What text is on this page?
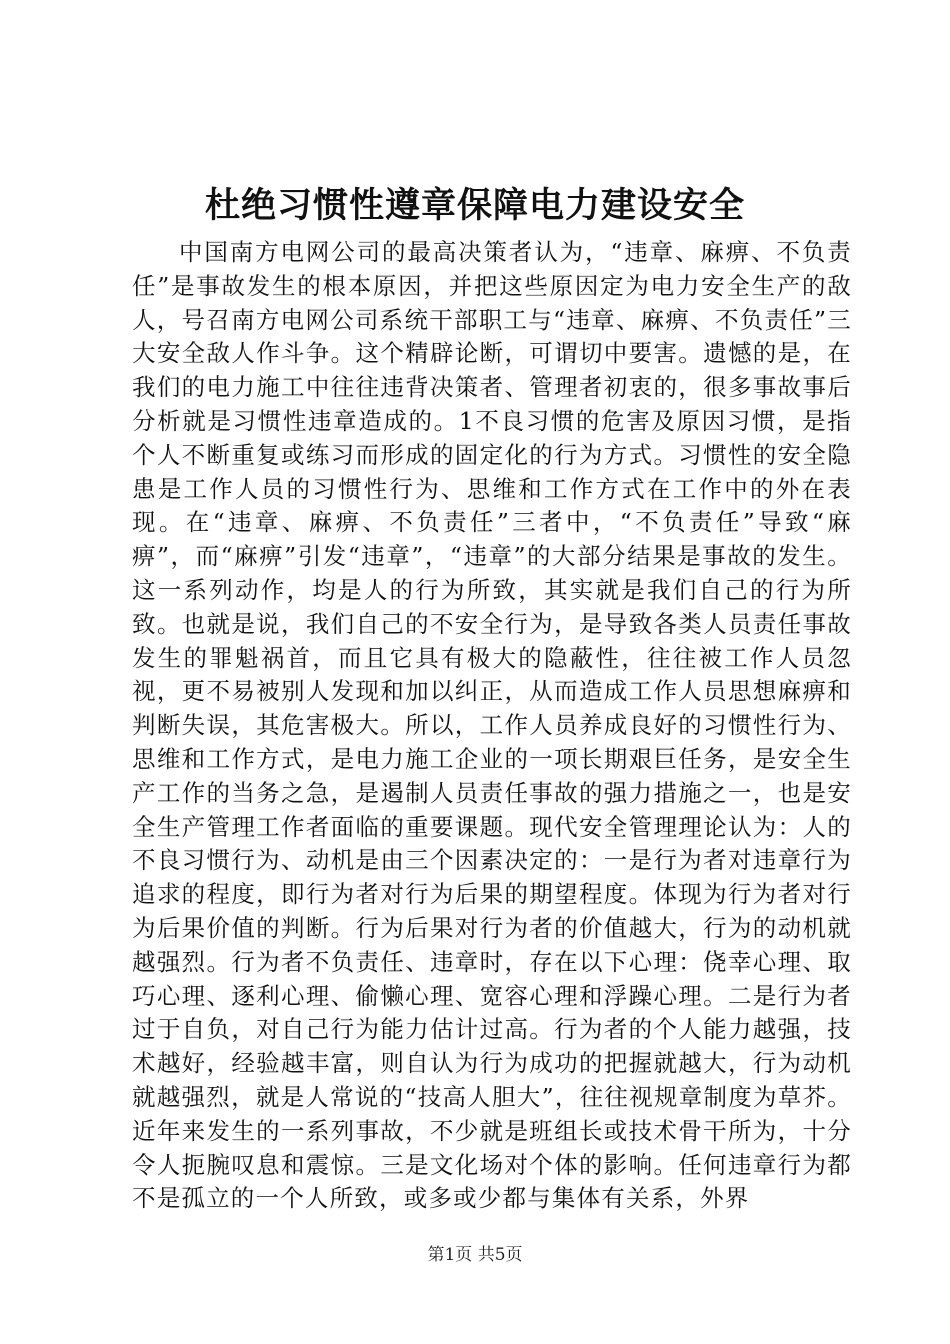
杜绝习惯性遵章保障电力建设安全

中国南方电网公司的最高决策者认为，“违章、麻痹、不负责任”是事故发生的根本原因，并把这些原因定为电力安全生产的敌人，号召南方电网公司系统干部职工与“违章、麻痹、不负责任”三大安全敌人作斗争。这个精辟论断，可谓切中要害。遗憾的是，在我们的电力施工中往往违背决策者、管理者初衷的，很多事故事后分析就是习惯性违章造成的。1不良习惯的危害及原因习惯，是指个人不断重复或练习而形成的固定化的行为方式。习惯性的安全隐患是工作人员的习惯性行为、思维和工作方式在工作中的外在表现。在“违章、麻痹、不负责任”三者中，“不负责任”导致“麻痹”，而“麻痹”引发“违章”，“违章”的大部分结果是事故的发生。这一系列动作，均是人的行为所致，其实就是我们自己的行为所致。也就是说，我们自己的不安全行为，是导致各类人员责任事故发生的罪魁祸首，而且它具有极大的隐蔽性，往往被工作人员忽视，更不易被别人发现和加以纠正，从而造成工作人员思想麻痹和判断失误，其危害极大。所以，工作人员养成良好的习惯性行为、思维和工作方式，是电力施工企业的一项长期艰巨任务，是安全生产工作的当务之急，是遏制人员责任事故的强力措施之一，也是安全生产管理工作者面临的重要课题。现代安全管理理论认为：人的不良习惯行为、动机是由三个因素决定的：一是行为者对违章行为追求的程度，即行为者对行为后果的期望程度。体现为行为者对行为后果价值的判断。行为后果对行为者的价值越大，行为的动机就越强烈。行为者不负责任、违章时，存在以下心理：侥幸心理、取巧心理、逐利心理、偷懒心理、宽容心理和浮躁心理。二是行为者过于自负，对自己行为能力估计过高。行为者的个人能力越强，技术越好，经验越丰富，则自认为行为成功的把握就越大，行为动机就越强烈，就是人常说的“技高人胆大”，往往视规章制度为草芥。近年来发生的一系列事故，不少就是班组长或技术骨干所为，十分令人扼腕叹息和震惊。三是文化场对个体的影响。任何违章行为都不是孤立的一个人所致，或多或少都与集体有关系，外界

第1页 共5页
